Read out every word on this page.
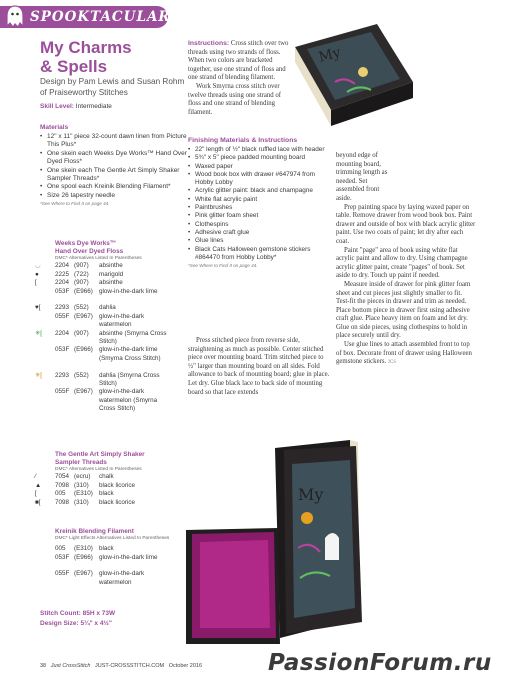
SPOOKTACULAR
My Charms
& Spells
Design by Pam Lewis and Susan Rohm of Praiseworthy Stitches
Skill Level: Intermediate
Materials
• 12" x 11" piece 32-count dawn linen from Picture This Plus*
• One skein each Weeks Dye Works™ Hand Over Dyed Floss*
• One skein each The Gentle Art Simply Shaker Sampler Threads*
• One spool each Kreinik Blending Filament*
• Size 26 tapestry needle
*See Where to Find It on page 44.
Weeks Dye Works™
Hand Over Dyed Floss
DMC* Alternatives Listed In Parentheses
◡ 2204 (907) absinthe
●	2225 (722) marigold
[	2204 (907) absinthe
053F (E966) glow-in-the-dark lime
♥[ 2293 (552) dahlia
055F (E967) glow-in-the-dark watermelon
✳[ 2204 (907) absinthe (Smyrna Cross Stitch)
053F (E966) glow-in-the-dark lime (Smyrna Cross Stitch)
✳[ 2293 (552) dahlia (Smyrna Cross Stitch)
055F (E967) glow-in-the-dark watermelon (Smyrna Cross Stitch)
The Gentle Art Simply Shaker
Sampler Threads
DMC* Alternatives Listed In Parentheses
⁄	7054 (ecru) chalk
▲ 7098 (310) black licorice
[	005 (E310) black
■[ 7098 (310) black licorice
Kreinik Blending Filament
DMC* Light Effects Alternatives Listed In Parentheses
005 (E310) black
053F (E966) glow-in-the-dark lime
055F (E967) glow-in-the-dark watermelon
Stitch Count: 85H x 73W
Design Size: 5¼" x 4½"
Instructions: Cross stitch over two threads using two strands of floss. When two colors are bracketed together, use one strand of floss and one strand of blending filament.
Work Smyrna cross stitch over twelve threads using one strand of floss and one strand of blending filament.
My
Finishing Materials & Instructions
• 22" length of ½" black ruffled lace with header
• 5¾" x 5" piece padded mounting board
• Waxed paper
• Wood book box with drawer #647974 from Hobby Lobby
• Acrylic glitter paint: black and champagne
• White flat acrylic paint
• Paintbrushes
• Pink glitter foam sheet
• Clothespins
• Adhesive craft glue
• Glue lines
• Black Cats Halloween gemstone stickers #864470 from Hobby Lobby*
*See Where to Find It on page 44.
Press stitched piece from reverse side, straightening as much as possible. Center stitched piece over mounting board. Trim stitched piece to ½" larger than mounting board on all sides. Fold allowance to back of mounting board; glue in place. Let dry. Glue black lace to back side of mounting board so that lace extends
beyond edge of mounting board, trimming length as needed. Set assembled front aside.
Prep painting space by laying waxed paper on table. Remove drawer from wood book box. Paint drawer and outside of box with black acrylic glitter paint. Use two coats of paint; let dry after each coat.
Paint "page" area of book using white flat acrylic paint and allow to dry. Using champagne acrylic glitter paint, create "pages" of book. Set aside to dry. Touch up paint if needed.
Measure inside of drawer for pink glitter foam sheet and cut pieces just slightly smaller to fit. Test-fit the pieces in drawer and trim as needed. Place bottom piece in drawer first using adhesive craft glue. Place heavy item on foam and let dry. Glue on side pieces, using clothespins to hold in place securely until dry.
Use glue lines to attach assembled front to top of box. Decorate front of drawer using Halloween gemstone stickers. JCS
My
38 Just CrossStitch JUST-CROSSSTITCH.COM October 2016	PassionForum.ru
